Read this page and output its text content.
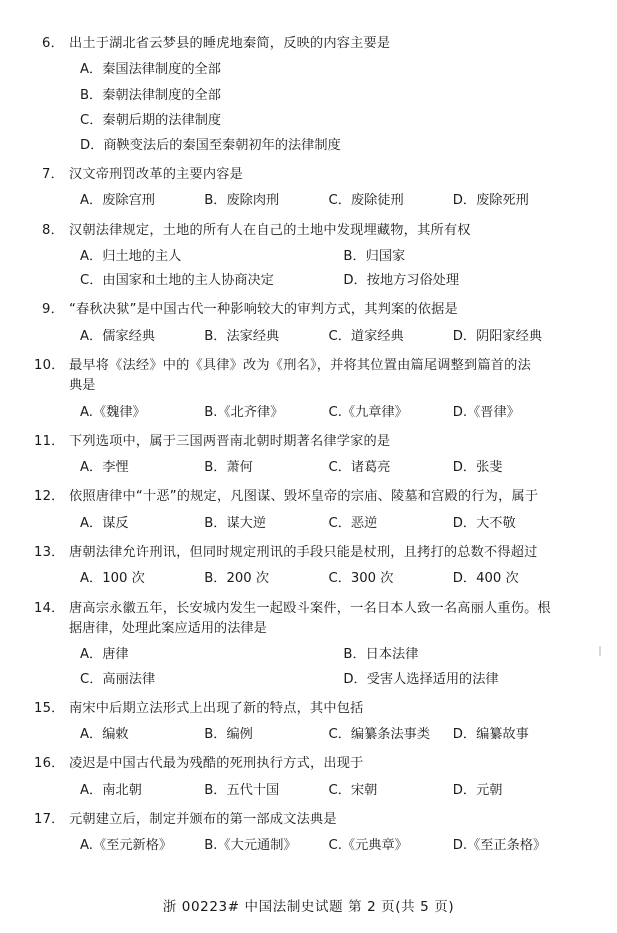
6． 出土于湖北省云梦县的睡虎地秦简，反映的内容主要是
A．秦国法律制度的全部
B．秦朝法律制度的全部
C．秦朝后期的法律制度
D．商鞅变法后的秦国至秦朝初年的法律制度
7． 汉文帝刑罚改革的主要内容是
A．废除宫刑	B．废除肉刑	C．废除徒刑	D．废除死刑
8． 汉朝法律规定，土地的所有人在自己的土地中发现埋藏物，其所有权
A．归土地的主人	B．归国家
C．由国家和土地的主人协商决定	D．按地方习俗处理
9． “春秋决狱”是中国古代一种影响较大的审判方式，其判案的依据是
A．儒家经典	B．法家经典	C．道家经典	D．阴阳家经典
10． 最早将《法经》中的《具律》改为《刑名》，并将其位置由篇尾调整到篇首的法
典是
A.《魏律》	B.《北齐律》	C.《九章律》	D.《晋律》
11． 下列选项中，属于三国两晋南北朝时期著名律学家的是
A．李悝	B．萧何	C．诸葛亮	D．张斐
12． 依照唐律中“十恶”的规定，凡图谋、毁坏皇帝的宗庙、陵墓和宫殿的行为，属于
A．谋反	B．谋大逆	C．恶逆	D．大不敬
13． 唐朝法律允许刑讯，但同时规定刑讯的手段只能是杖刑，且拷打的总数不得超过
A．100 次	B．200 次	C．300 次	D．400 次
14． 唐高宗永徽五年，长安城内发生一起殴斗案件，一名日本人致一名高丽人重伤。根
据唐律，处理此案应适用的法律是
A．唐律	B．日本法律
C．高丽法律	D．受害人选择适用的法律
15． 南宋中后期立法形式上出现了新的特点，其中包括
A．编敕	B．编例	C．编纂条法事类	D．编纂故事
16． 凌迟是中国古代最为残酷的死刑执行方式，出现于
A．南北朝	B．五代十国	C．宋朝	D．元朝
17． 元朝建立后，制定并颁布的第一部成文法典是
A.《至元新格》	B.《大元通制》	C.《元典章》	D.《至正条格》
浙 00223# 中国法制史试题 第 2 页(共 5 页)
